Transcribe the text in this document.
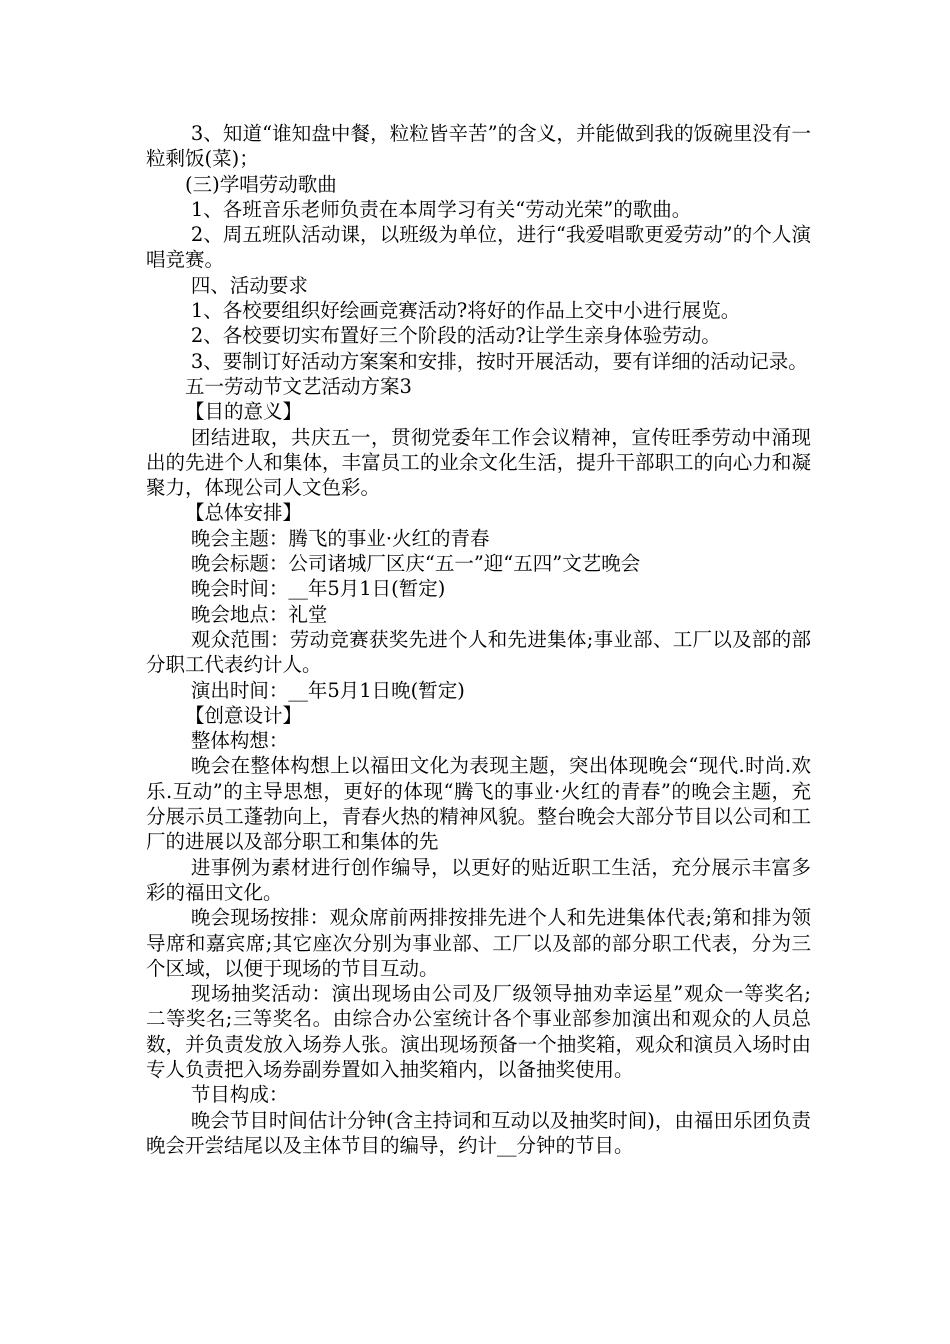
3、知道“谁知盘中餐，粒粒皆辛苦”的含义，并能做到我的饭碗里没有一粒剩饭(菜)；

(三)学唱劳动歌曲

1、各班音乐老师负责在本周学习有关“劳动光荣”的歌曲。

2、周五班队活动课，以班级为单位，进行“我爱唱歌更爱劳动”的个人演唱竞赛。

四、活动要求

1、各校要组织好绘画竞赛活动?将好的作品上交中小进行展览。

2、各校要切实布置好三个阶段的活动?让学生亲身体验劳动。

3、要制订好活动方案案和安排，按时开展活动，要有详细的活动记录。

五一劳动节文艺活动方案3

【目的意义】

团结进取，共庆五一，贯彻党委年工作会议精神，宣传旺季劳动中涌现出的先进个人和集体，丰富员工的业余文化生活，提升干部职工的向心力和凝聚力，体现公司人文色彩。

【总体安排】

晚会主题：腾飞的事业·火红的青春

晚会标题：公司诸城厂区庆“五一”迎“五四”文艺晚会

晚会时间：__年5月1日(暂定)

晚会地点：礼堂

观众范围：劳动竞赛获奖先进个人和先进集体;事业部、工厂以及部的部分职工代表约计人。

演出时间：__年5月1日晚(暂定)

【创意设计】

整体构想：

晚会在整体构想上以福田文化为表现主题，突出体现晚会“现代.时尚.欢乐.互动”的主导思想，更好的体现“腾飞的事业·火红的青春”的晚会主题，充分展示员工蓬勃向上，青春火热的精神风貌。整台晚会大部分节目以公司和工厂的进展以及部分职工和集体的先

进事例为素材进行创作编导，以更好的贴近职工生活，充分展示丰富多彩的福田文化。

晚会现场按排：观众席前两排按排先进个人和先进集体代表;第和排为领导席和嘉宾席;其它座次分别为事业部、工厂以及部的部分职工代表，分为三个区域，以便于现场的节目互动。

现场抽奖活动：演出现场由公司及厂级领导抽劝幸运星”观众一等奖名;二等奖名;三等奖名。由综合办公室统计各个事业部参加演出和观众的人员总数，并负责发放入场券人张。演出现场预备一个抽奖箱，观众和演员入场时由专人负责把入场券副券置如入抽奖箱内，以备抽奖使用。

节目构成：

晚会节目时间估计分钟(含主持词和互动以及抽奖时间)，由福田乐团负责晚会开尝结尾以及主体节目的编导，约计__分钟的节目。
